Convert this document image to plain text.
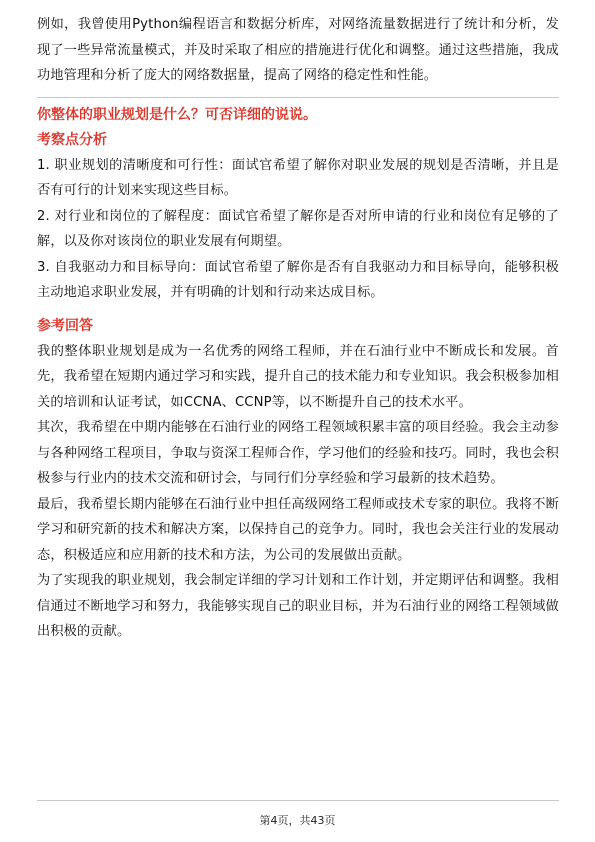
例如，我曾使用Python编程语言和数据分析库，对网络流量数据进行了统计和分析，发现了一些异常流量模式，并及时采取了相应的措施进行优化和调整。通过这些措施，我成功地管理和分析了庞大的网络数据量，提高了网络的稳定性和性能。

你整体的职业规划是什么？可否详细的说说。

考察点分析

1. 职业规划的清晰度和可行性：面试官希望了解你对职业发展的规划是否清晰，并且是否有可行的计划来实现这些目标。

2. 对行业和岗位的了解程度：面试官希望了解你是否对所申请的行业和岗位有足够的了解，以及你对该岗位的职业发展有何期望。

3. 自我驱动力和目标导向：面试官希望了解你是否有自我驱动力和目标导向，能够积极主动地追求职业发展，并有明确的计划和行动来达成目标。

参考回答

我的整体职业规划是成为一名优秀的网络工程师，并在石油行业中不断成长和发展。首先，我希望在短期内通过学习和实践，提升自己的技术能力和专业知识。我会积极参加相关的培训和认证考试，如CCNA、CCNP等，以不断提升自己的技术水平。

其次，我希望在中期内能够在石油行业的网络工程领域积累丰富的项目经验。我会主动参与各种网络工程项目，争取与资深工程师合作，学习他们的经验和技巧。同时，我也会积极参与行业内的技术交流和研讨会，与同行们分享经验和学习最新的技术趋势。

最后，我希望长期内能够在石油行业中担任高级网络工程师或技术专家的职位。我将不断学习和研究新的技术和解决方案，以保持自己的竞争力。同时，我也会关注行业的发展动态，积极适应和应用新的技术和方法，为公司的发展做出贡献。

为了实现我的职业规划，我会制定详细的学习计划和工作计划，并定期评估和调整。我相信通过不断地学习和努力，我能够实现自己的职业目标，并为石油行业的网络工程领域做出积极的贡献。

第4页，共43页
